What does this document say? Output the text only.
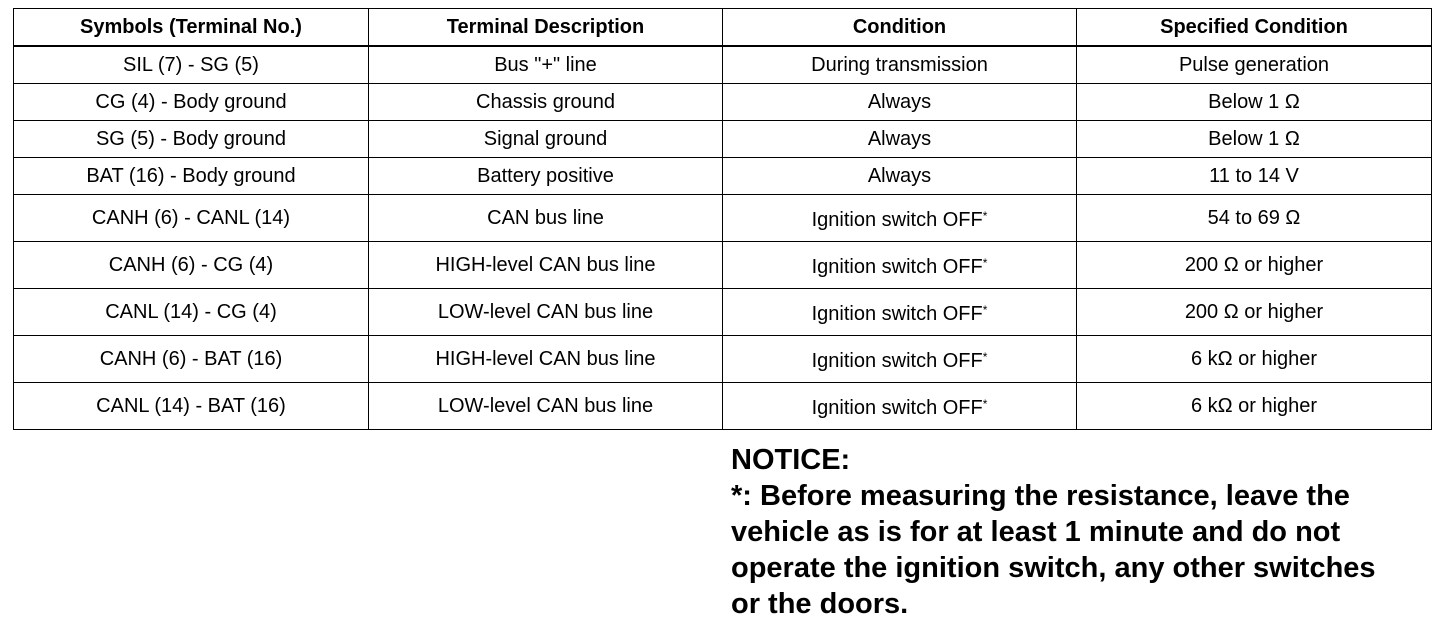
Symbols (Terminal No.)	Terminal Description	Condition	Specified Condition
SIL (7) - SG (5)	Bus "+" line	During transmission	Pulse generation
CG (4) - Body ground	Chassis ground	Always	Below 1 Ω
SG (5) - Body ground	Signal ground	Always	Below 1 Ω
BAT (16) - Body ground	Battery positive	Always	11 to 14 V
CANH (6) - CANL (14)	CAN bus line	Ignition switch OFF*	54 to 69 Ω
CANH (6) - CG (4)	HIGH-level CAN bus line	Ignition switch OFF*	200 Ω or higher
CANL (14) - CG (4)	LOW-level CAN bus line	Ignition switch OFF*	200 Ω or higher
CANH (6) - BAT (16)	HIGH-level CAN bus line	Ignition switch OFF*	6 kΩ or higher
CANL (14) - BAT (16)	LOW-level CAN bus line	Ignition switch OFF*	6 kΩ or higher
NOTICE:
*: Before measuring the resistance, leave the
vehicle as is for at least 1 minute and do not
operate the ignition switch, any other switches
or the doors.
